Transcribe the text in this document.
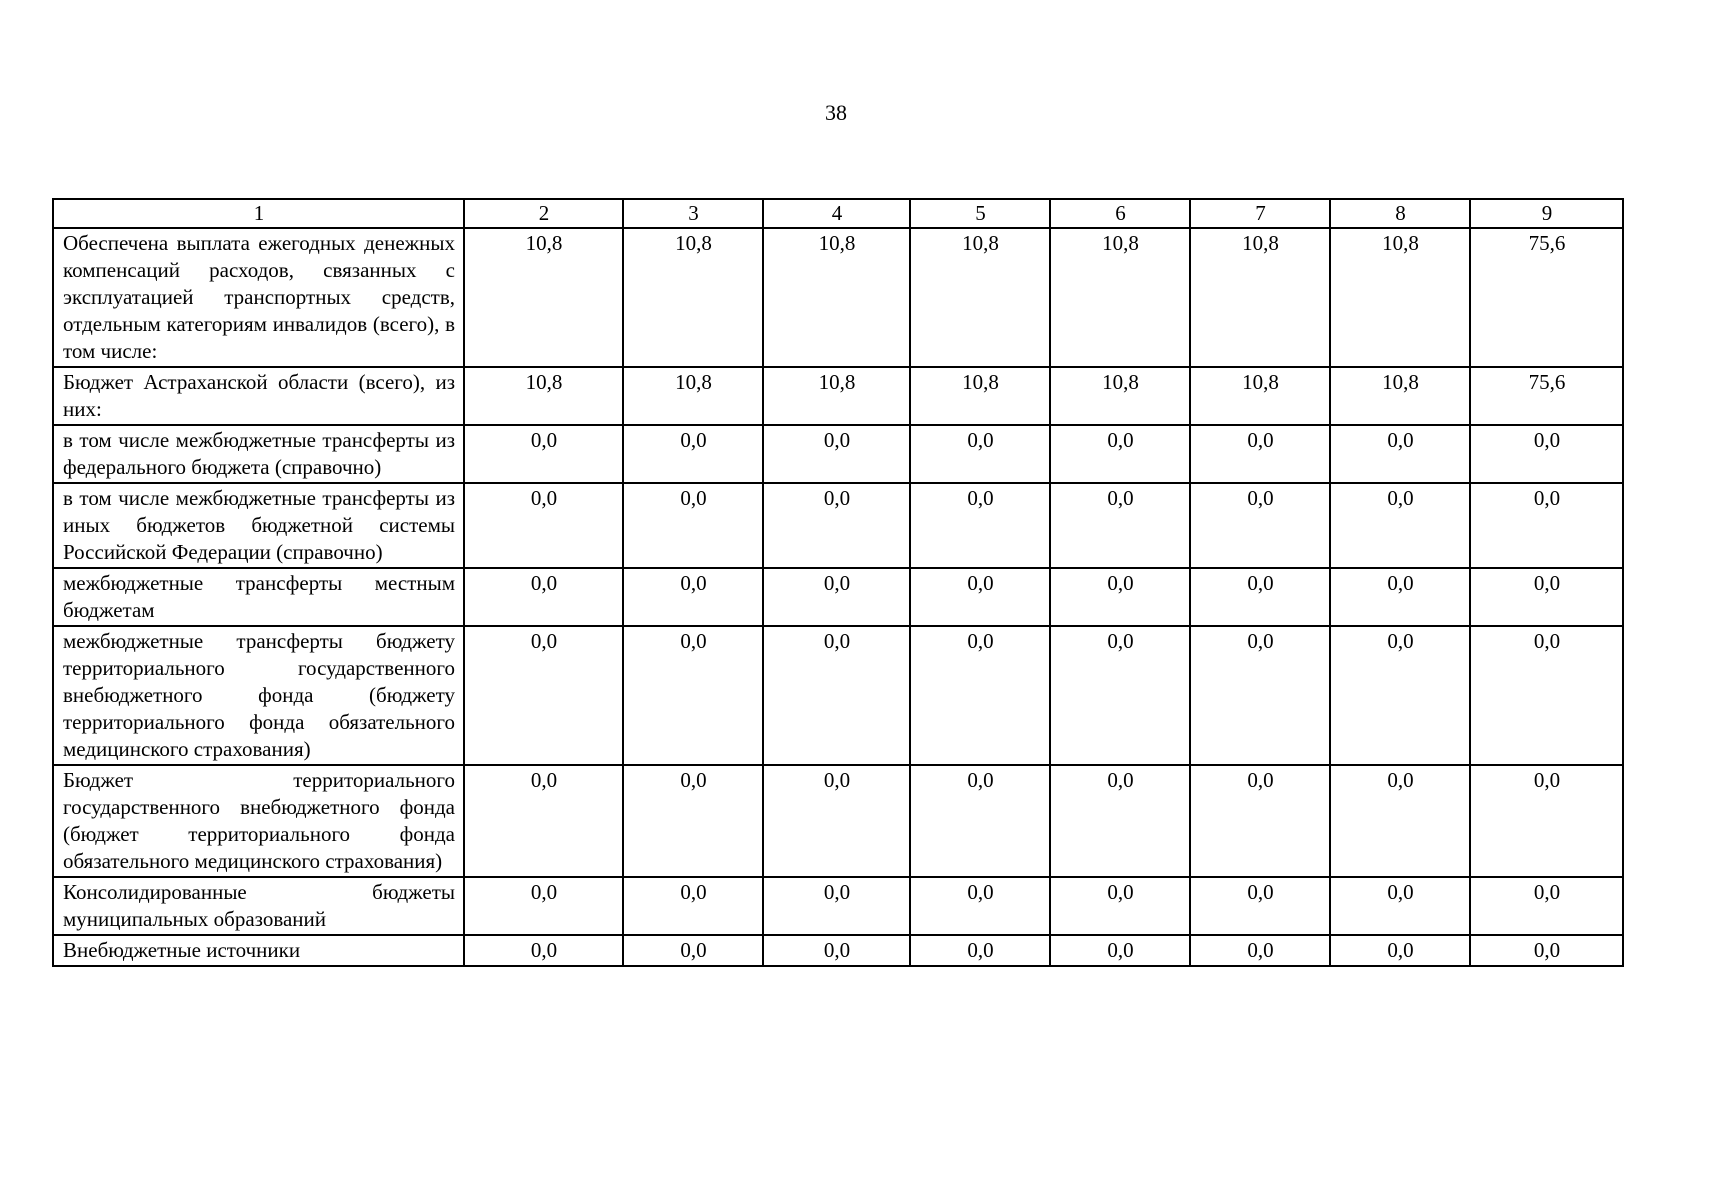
38
1	2	3	4	5	6	7	8	9
Обеспечена выплата ежегодных денежных компенсаций расходов, связанных с эксплуатацией транспортных средств, отдельным категориям инвалидов (всего), в том числе:	10,8	10,8	10,8	10,8	10,8	10,8	10,8	75,6
Бюджет Астраханской области (всего), из них:	10,8	10,8	10,8	10,8	10,8	10,8	10,8	75,6
в том числе межбюджетные трансферты из федерального бюджета (справочно)	0,0	0,0	0,0	0,0	0,0	0,0	0,0	0,0
в том числе межбюджетные трансферты из иных бюджетов бюджетной системы Российской Федерации (справочно)	0,0	0,0	0,0	0,0	0,0	0,0	0,0	0,0
межбюджетные трансферты местным бюджетам	0,0	0,0	0,0	0,0	0,0	0,0	0,0	0,0
межбюджетные трансферты бюджету территориального государственного внебюджетного фонда (бюджету территориального фонда обязательного медицинского страхования)	0,0	0,0	0,0	0,0	0,0	0,0	0,0	0,0
Бюджет территориального государственного внебюджетного фонда (бюджет территориального фонда обязательного медицинского страхования)	0,0	0,0	0,0	0,0	0,0	0,0	0,0	0,0
Консолидированные бюджеты муниципальных образований	0,0	0,0	0,0	0,0	0,0	0,0	0,0	0,0
Внебюджетные источники	0,0	0,0	0,0	0,0	0,0	0,0	0,0	0,0
